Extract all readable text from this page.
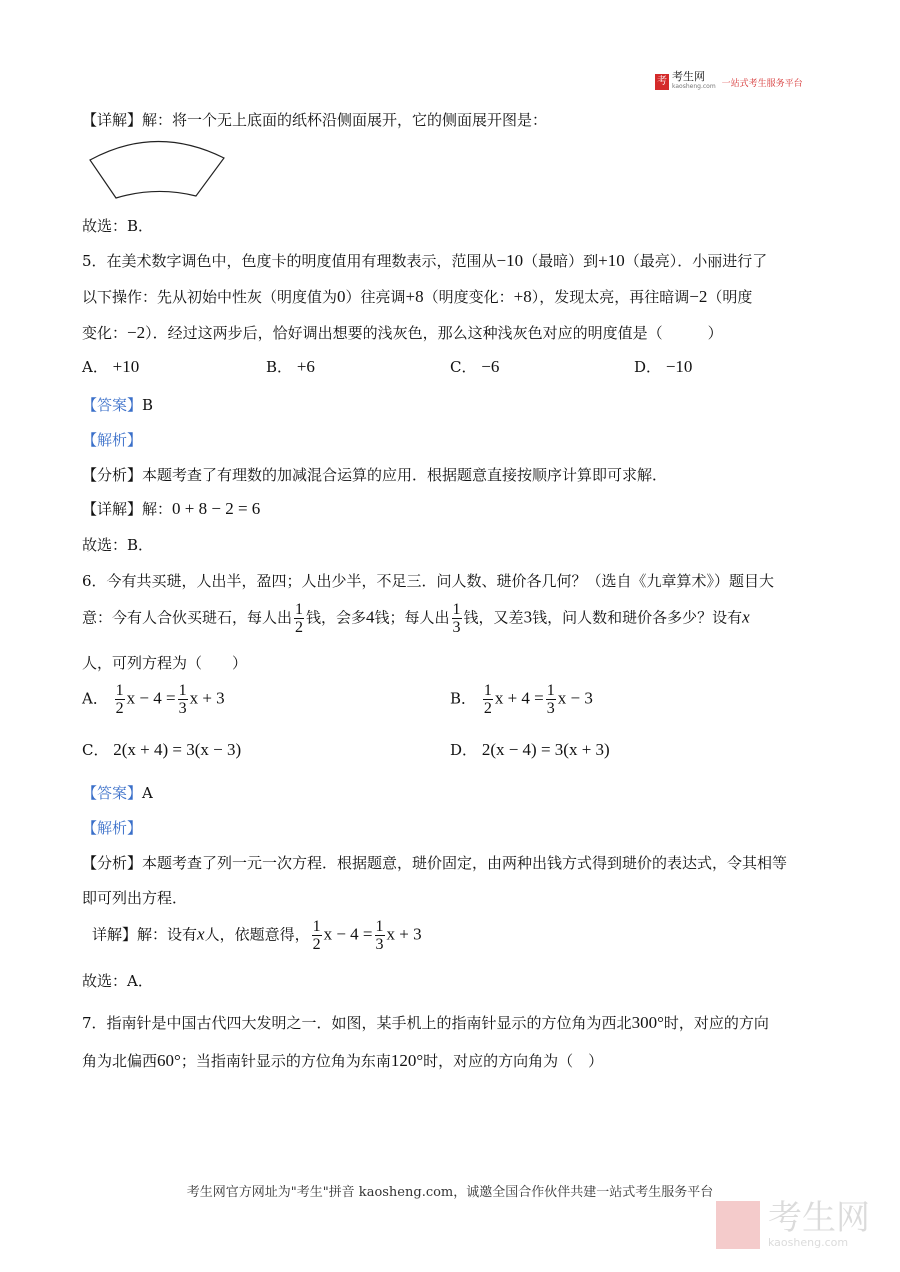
考 考生网
kaosheng.com 一站式考生服务平台
【详解】解：将一个无上底面的纸杯沿侧面展开，它的侧面展开图是：
故选：B．
5．在美术数字调色中，色度卡的明度值用有理数表示，范围从−10（最暗）到+10（最亮）．小丽进行了
以下操作：先从初始中性灰（明度值为0）往亮调+8（明度变化：+8），发现太亮，再往暗调−2（明度
变化：−2）．经过这两步后，恰好调出想要的浅灰色，那么这种浅灰色对应的明度值是（　　　）
A． +10	B． +6	C． −6	D． −10
【答案】B
【解析】
【分析】本题考查了有理数的加减混合运算的应用．根据题意直接按顺序计算即可求解．
【详解】解：0 + 8 − 2 = 6
故选：B．
6．今有共买琎，人出半，盈四；人出少半，不足三．问人数、琎价各几何？（选自《九章算术》）题目大
意：今有人合伙买琎石，每人出 $\frac{1}{2}$ 钱，会多4钱；每人出 $\frac{1}{3}$ 钱，又差3钱，问人数和琎价各多少？设有x
人，可列方程为（　　）
A． $\frac{1}{2}$ $x - 4 = \frac{1}{3}$ x + 3	B． $\frac{1}{2}$ $x + 4 = \frac{1}{3}$ x − 3
C． 2(x + 4) = 3(x − 3)	D． 2(x − 4) = 3(x + 3)
【答案】A
【解析】
【分析】本题考查了列一元一次方程．根据题意，琎价固定，由两种出钱方式得到琎价的表达式，令其相等
即可列出方程．
详解】解：设有x人，依题意得， $\frac{1}{2}$ $x - 4 = \frac{1}{3}$ x + 3
故选：A．
7．指南针是中国古代四大发明之一．如图，某手机上的指南针显示的方位角为西北300°时，对应的方向
角为北偏西60°；当指南针显示的方位角为东南120°时，对应的方向角为（　）
考生网官方网址为"考生"拼音 kaosheng.com，诚邀全国合作伙伴共建一站式考生服务平台
考生网
kaosheng.com
